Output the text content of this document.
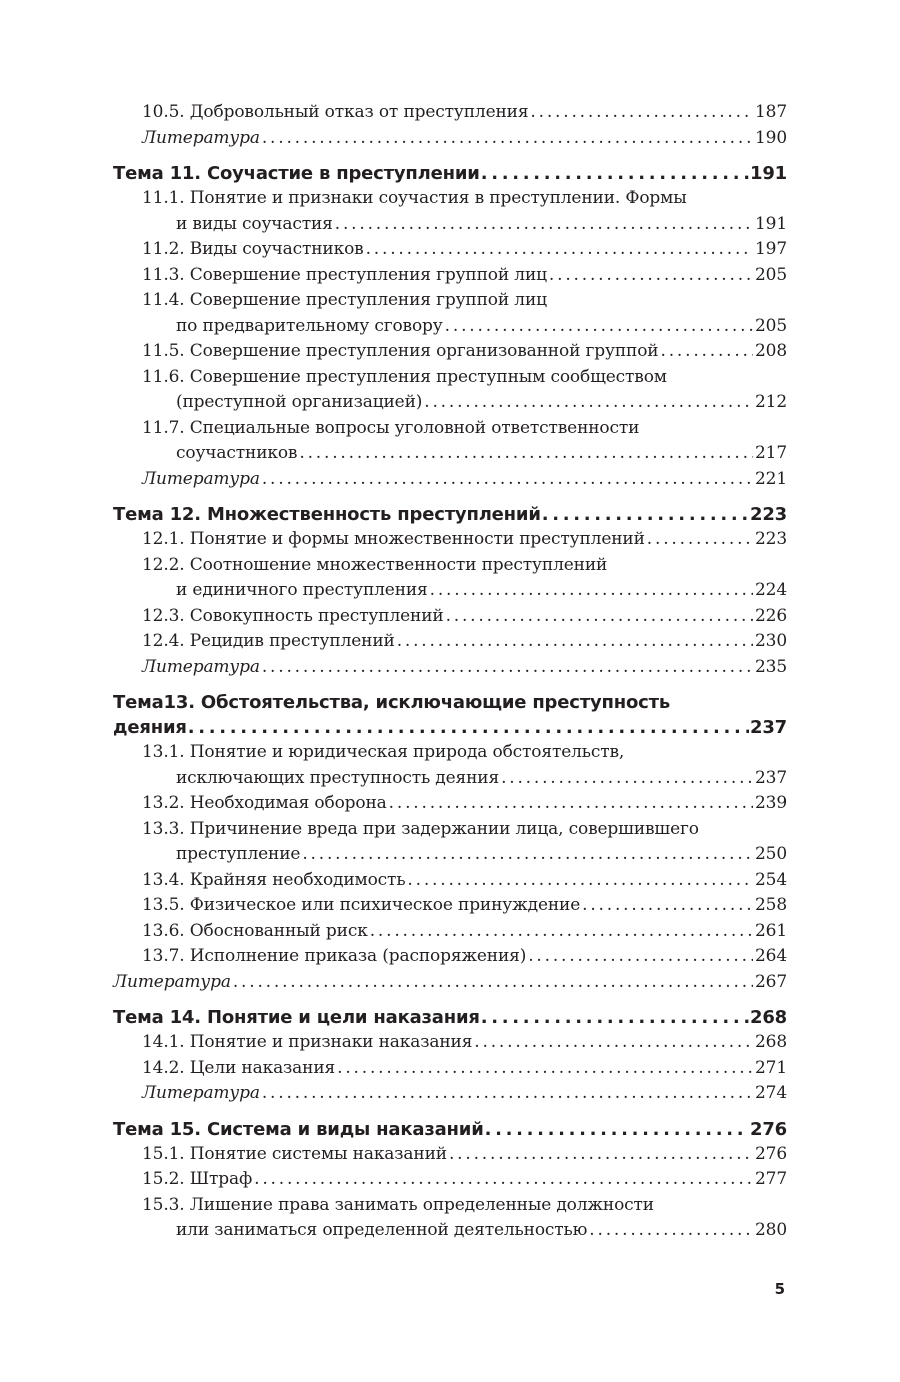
10.5. Добровольный отказ от преступления . . .	187
Литература . . .	190
Тема 11. Соучастие в преступлении . . .	191
11.1. Понятие и признаки соучастия в преступлении. Формы
и виды соучастия . . .	191
11.2. Виды соучастников . . .	197
11.3. Совершение преступления группой лиц . . .	205
11.4. Совершение преступления группой лиц
по предварительному сговору . . .	205
11.5. Совершение преступления организованной группой . . .	208
11.6. Совершение преступления преступным сообществом
(преступной организацией) . . .	212
11.7. Специальные вопросы уголовной ответственности
соучастников . . .	217
Литература . . .	221
Тема 12. Множественность преступлений . . .	223
12.1. Понятие и формы множественности преступлений . . .	223
12.2. Соотношение множественности преступлений
и единичного преступления . . .	224
12.3. Совокупность преступлений . . .	226
12.4. Рецидив преступлений . . .	230
Литература . . .	235
Тема13. Обстоятельства, исключающие преступность
деяния . . .	237
13.1. Понятие и юридическая природа обстоятельств,
исключающих преступность деяния . . .	237
13.2. Необходимая оборона . . .	239
13.3. Причинение вреда при задержании лица, совершившего
преступление . . .	250
13.4. Крайняя необходимость . . .	254
13.5. Физическое или психическое принуждение . . .	258
13.6. Обоснованный риск . . .	261
13.7. Исполнение приказа (распоряжения) . . .	264
Литература . . .	267
Тема 14. Понятие и цели наказания . . .	268
14.1. Понятие и признаки наказания . . .	268
14.2. Цели наказания . . .	271
Литература . . .	274
Тема 15. Система и виды наказаний . . .	276
15.1. Понятие системы наказаний . . .	276
15.2. Штраф . . .	277
15.3. Лишение права занимать определенные должности
или заниматься определенной деятельностью . . .	280
5
